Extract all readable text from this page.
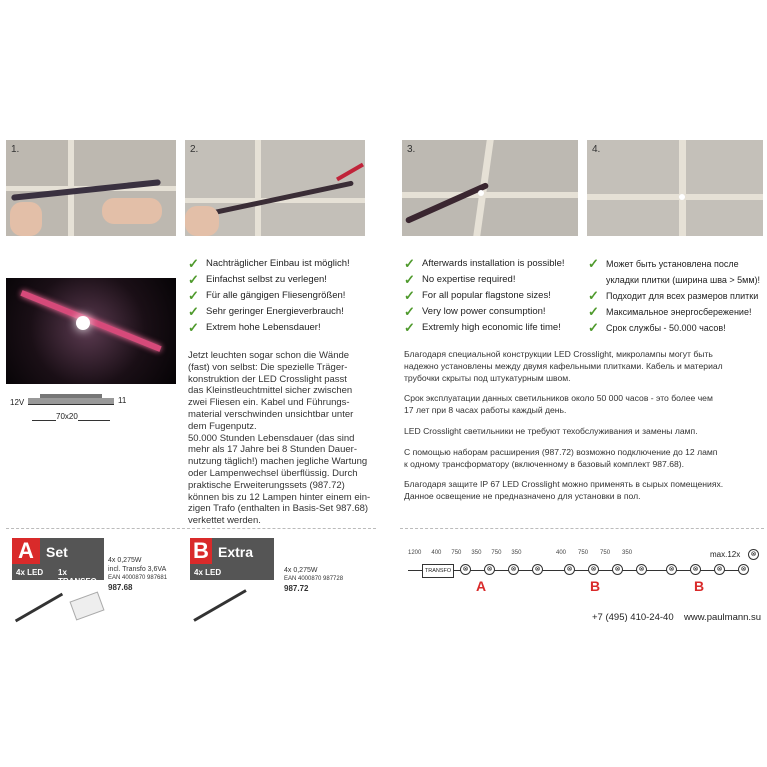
1.	2.	3.	4.
12V	11
70x20
✓ Nachträglicher Einbau ist möglich!
✓ Einfachst selbst zu verlegen!
✓ Für alle gängigen Fliesengrößen!
✓ Sehr geringer Energieverbrauch!
✓ Extrem hohe Lebensdauer!
Jetzt leuchten sogar schon die Wände
(fast) von selbst: Die spezielle Träger-
konstruktion der LED Crosslight passt
das Kleinstleuchtmittel sicher zwischen
zwei Fliesen ein. Kabel und Führungs-
material verschwinden unsichtbar unter
dem Fugenputz.
50.000 Stunden Lebensdauer (das sind
mehr als 17 Jahre bei 8 Stunden Dauer-
nutzung täglich!) machen jegliche Wartung
oder Lampenwechsel überflüssig. Durch
praktische Erweiterungssets (987.72)
können bis zu 12 Lampen hinter einem ein-
zigen Trafo (enthalten in Basis-Set 987.68)
verkettet werden.
✓ Afterwards installation is possible!
✓ No expertise required!
✓ For all popular flagstone sizes!
✓ Very low power consumption!
✓ Extremly high economic life time!
✓ Может быть установлена после
укладки плитки (ширина шва > 5мм)!
✓ Подходит для всех размеров плитки
✓ Максимальное энергосбережение!
✓ Срок службы - 50.000 часов!
Благодаря специальной конструкции LED Crosslight, микролампы могут быть
надежно установлены между двумя кафельными плитками. Кабель и материал
трубочки скрыты под штукатурным швом.
Срок эксплуатации данных светильников около 50 000 часов - это более чем
17 лет при 8 часах работы каждый день.
LED Crosslight светильники не требуют техобслуживания и замены ламп.
С помощью наборам расширения (987.72) возможно подключение до 12 ламп
к одному трансформатору (включенному в базовый комплект 987.68).
Благодаря защите IP 67 LED Crosslight можно применять в сырых помещениях.
Данное освещение не предназначено для установки в пол.
A Set
4x LED 1x TRANSFO
4x 0,275W
incl. Transfo 3,6VA
EAN 4000870 987681
987.68
B Extra
4x LED	4x 0,275W
EAN 4000870 987728
987.72
1200 400 750 350 750 350	400 750 750 350	max.12x	⊗
TRANSFO	⊗	⊗	⊗	⊗	⊗	⊗	⊗	⊗	⊗	⊗	⊗	⊗
A	B	B
+7 (495) 410-24-40 www.paulmann.su
